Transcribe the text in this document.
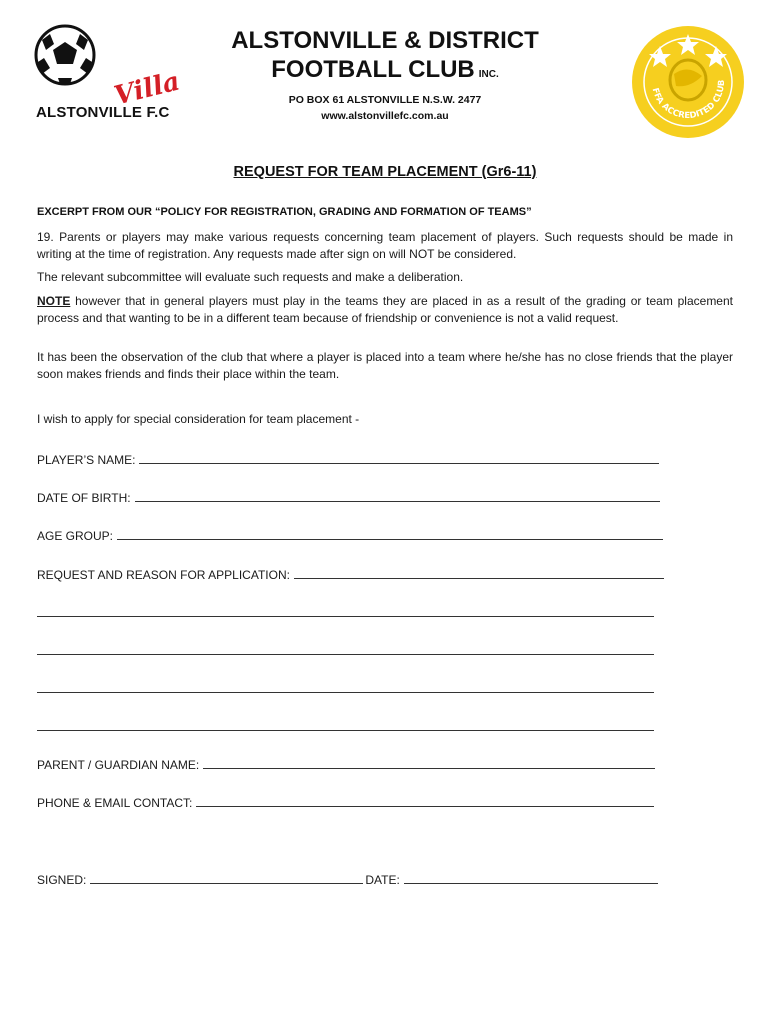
Villa
ALSTONVILLE F.C
ALSTONVILLE & DISTRICT
FOOTBALL CLUB INC.
PO BOX 61 ALSTONVILLE N.S.W. 2477
www.alstonvillefc.com.au
FFA ACCREDITED CLUB
REQUEST FOR TEAM PLACEMENT (Gr6-11)
EXCERPT FROM OUR “POLICY FOR REGISTRATION, GRADING AND FORMATION OF TEAMS”
19. Parents or players may make various requests concerning team placement of players. Such requests should be made in writing at the time of registration. Any requests made after sign on will NOT be considered.
The relevant subcommittee will evaluate such requests and make a deliberation.
NOTE however that in general players must play in the teams they are placed in as a result of the grading or team placement process and that wanting to be in a different team because of friendship or convenience is not a valid request.
It has been the observation of the club that where a player is placed into a team where he/she has no close friends that the player soon makes friends and finds their place within the team.
I wish to apply for special consideration for team placement -
PLAYER’S NAME:
DATE OF BIRTH:
AGE GROUP:
REQUEST AND REASON FOR APPLICATION:
PARENT / GUARDIAN NAME:
PHONE & EMAIL CONTACT:
SIGNED:	DATE:
